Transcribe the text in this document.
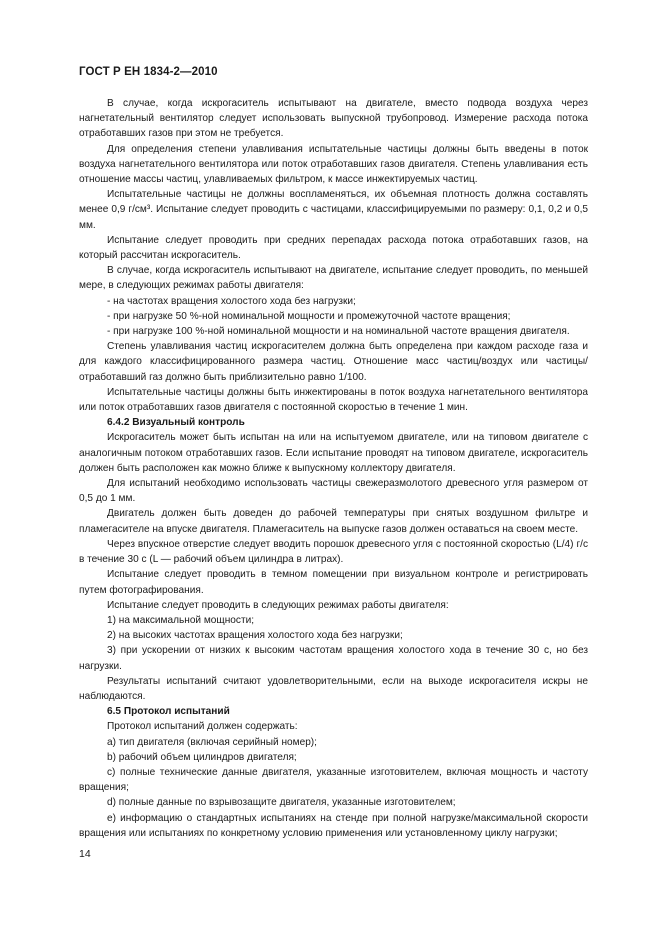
ГОСТ Р ЕН 1834-2—2010

В случае, когда искрогаситель испытывают на двигателе, вместо подвода воздуха через нагнетательный вентилятор следует использовать выпускной трубопровод. Измерение расхода потока отработавших газов при этом не требуется.

Для определения степени улавливания испытательные частицы должны быть введены в поток воздуха нагнетательного вентилятора или поток отработавших газов двигателя. Степень улавливания есть отношение массы частиц, улавливаемых фильтром, к массе инжектируемых частиц.

Испытательные частицы не должны воспламеняться, их объемная плотность должна составлять менее 0,9 г/см³. Испытание следует проводить с частицами, классифицируемыми по размеру: 0,1, 0,2 и 0,5 мм.

Испытание следует проводить при средних перепадах расхода потока отработавших газов, на который рассчитан искрогаситель.

В случае, когда искрогаситель испытывают на двигателе, испытание следует проводить, по меньшей мере, в следующих режимах работы двигателя:

- на частотах вращения холостого хода без нагрузки;

- при нагрузке 50 %-ной номинальной мощности и промежуточной частоте вращения;

- при нагрузке 100 %-ной номинальной мощности и на номинальной частоте вращения двигателя.

Степень улавливания частиц искрогасителем должна быть определена при каждом расходе газа и для каждого классифицированного размера частиц. Отношение масс частиц/воздух или частицы/отработавший газ должно быть приблизительно равно 1/100.

Испытательные частицы должны быть инжектированы в поток воздуха нагнетательного вентилятора или поток отработавших газов двигателя с постоянной скоростью в течение 1 мин.

6.4.2 Визуальный контроль

Искрогаситель может быть испытан на или на испытуемом двигателе, или на типовом двигателе с аналогичным потоком отработавших газов. Если испытание проводят на типовом двигателе, искрогаситель должен быть расположен как можно ближе к выпускному коллектору двигателя.

Для испытаний необходимо использовать частицы свежеразмолотого древесного угля размером от 0,5 до 1 мм.

Двигатель должен быть доведен до рабочей температуры при снятых воздушном фильтре и пламегасителе на впуске двигателя. Пламегаситель на выпуске газов должен оставаться на своем месте.

Через впускное отверстие следует вводить порошок древесного угля с постоянной скоростью (L/4) г/с в течение 30 с (L — рабочий объем цилиндра в литрах).

Испытание следует проводить в темном помещении при визуальном контроле и регистрировать путем фотографирования.

Испытание следует проводить в следующих режимах работы двигателя:

1) на максимальной мощности;

2) на высоких частотах вращения холостого хода без нагрузки;

3) при ускорении от низких к высоким частотам вращения холостого хода в течение 30 с, но без нагрузки.

Результаты испытаний считают удовлетворительными, если на выходе искрогасителя искры не наблюдаются.

6.5 Протокол испытаний

Протокол испытаний должен содержать:

a) тип двигателя (включая серийный номер);

b) рабочий объем цилиндров двигателя;

c) полные технические данные двигателя, указанные изготовителем, включая мощность и частоту вращения;

d) полные данные по взрывозащите двигателя, указанные изготовителем;

e) информацию о стандартных испытаниях на стенде при полной нагрузке/максимальной скорости вращения или испытаниях по конкретному условию применения или установленному циклу нагрузки;

14
